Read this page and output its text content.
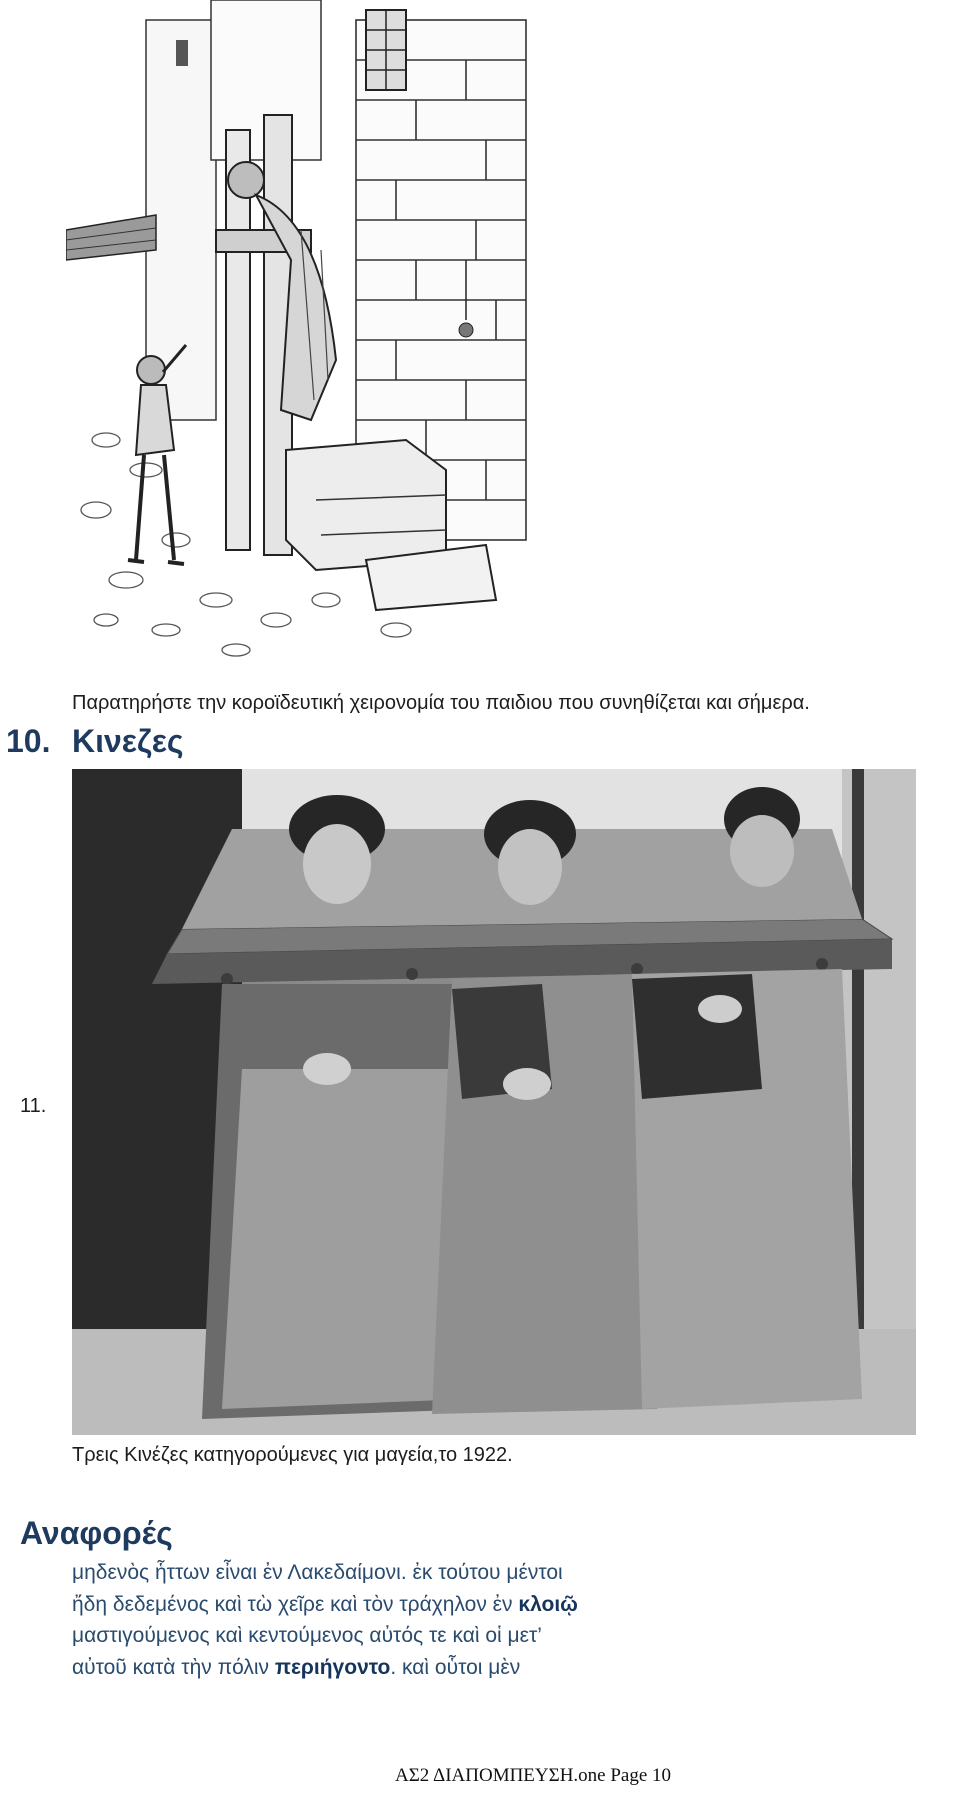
Παρατηρήστε την κοροϊδευτική χειρονομία του παιδιου που συνηθίζεται και σήμερα.
10. Κινεζες
11.
Τρεις Κινέζες κατηγορούμενες για μαγεία,το 1922.
Αναφορές
μηδενὸς ἧττων εἶναι ἐν Λακεδαίμονι. ἐκ τούτου μέντοι
ἤδη δεδεμένος καὶ τὼ χεῖρε καὶ τὸν τράχηλον ἐν κλοιῷ
μαστιγούμενος καὶ κεντούμενος αὐτός τε καὶ οἱ μετ’
αὐτοῦ κατὰ τὴν πόλιν περιήγοντο. καὶ οὗτοι μὲν
ΑΣ2 ΔΙΑΠΟΜΠΕΥΣΗ.one Page 10
